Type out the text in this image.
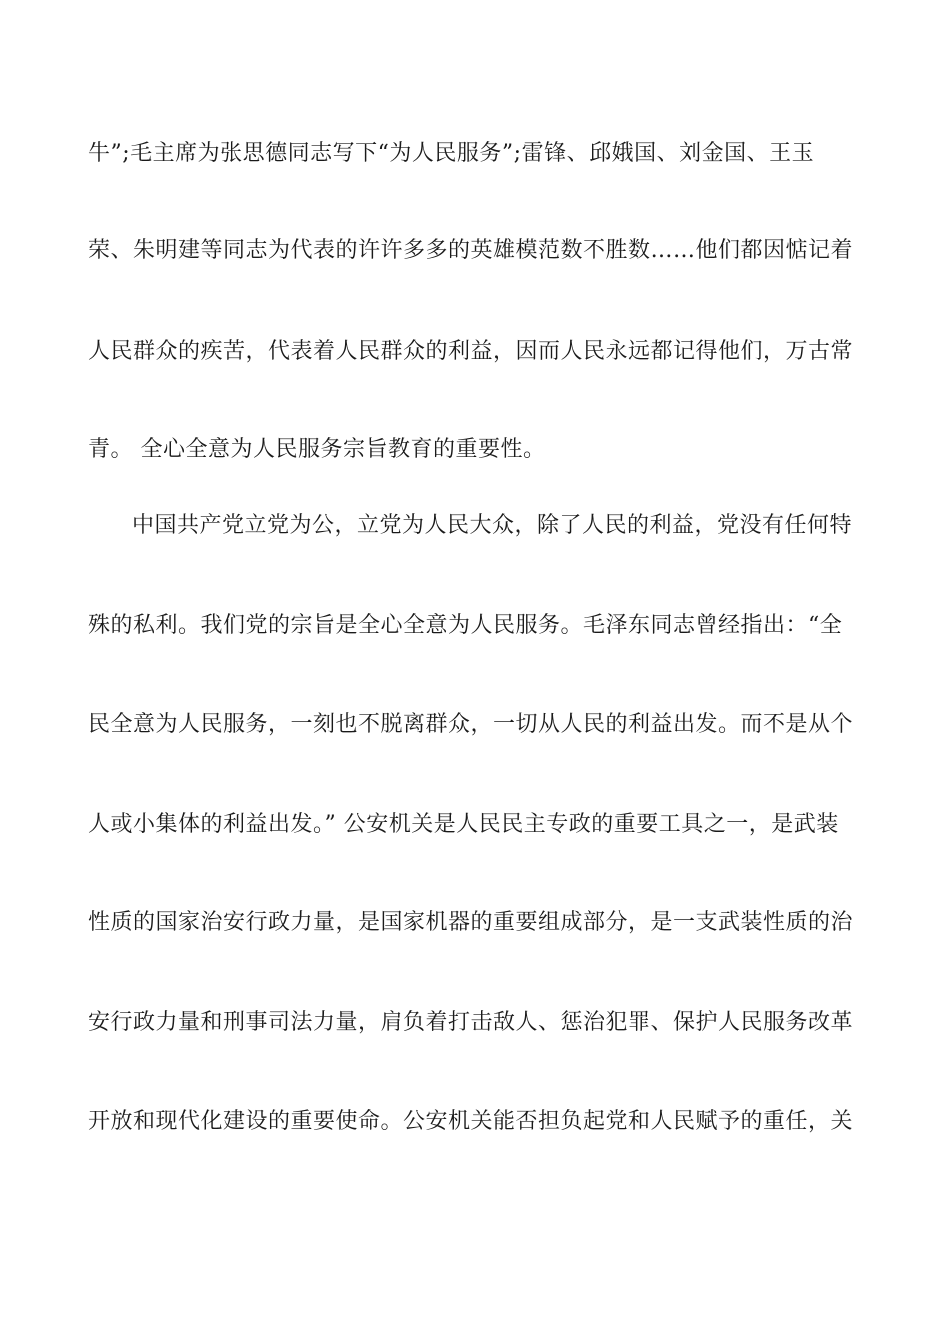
牛”;毛主席为张思德同志写下“为人民服务”;雷锋、邱娥国、刘金国、王玉
荣、朱明建等同志为代表的许许多多的英雄模范数不胜数……他们都因惦记着
人民群众的疾苦，代表着人民群众的利益，因而人民永远都记得他们，万古常
青。 全心全意为人民服务宗旨教育的重要性。
中国共产党立党为公，立党为人民大众，除了人民的利益，党没有任何特
殊的私利。我们党的宗旨是全心全意为人民服务。毛泽东同志曾经指出：“全
民全意为人民服务，一刻也不脱离群众，一切从人民的利益出发。而不是从个
人或小集体的利益出发。” 公安机关是人民民主专政的重要工具之一，是武装
性质的国家治安行政力量，是国家机器的重要组成部分，是一支武装性质的治
安行政力量和刑事司法力量，肩负着打击敌人、惩治犯罪、保护人民服务改革
开放和现代化建设的重要使命。公安机关能否担负起党和人民赋予的重任，关
